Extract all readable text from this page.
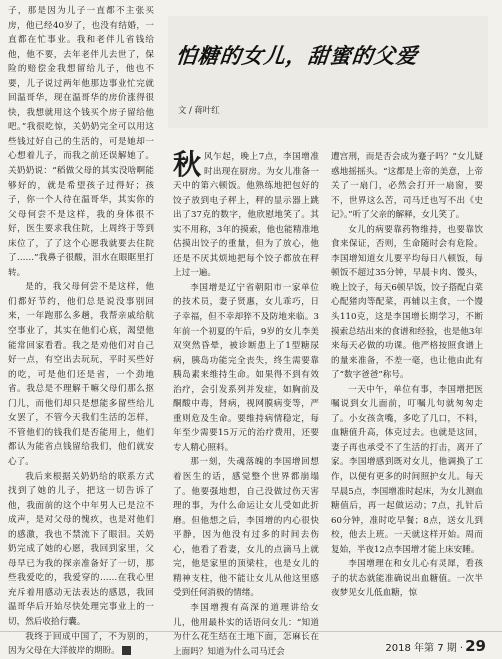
子，那是因为儿子一直都不主张买房，他已经40岁了，也没有结婚，一直都在忙事业。我和老伴儿省钱给他，他不要，去年老伴儿去世了，保险的赔偿金我想留给儿子，他也不要，儿子说过两年他那边事业忙完就回温哥华，现在温哥华的房价涨得很快，我想就用这个钱买个房子留给他吧。”我很吃惊，关奶奶完全可以用这些钱过好自己的生活的，可是她却一心想着儿子，而我之前还误解她了。关奶奶说：“稻做父母的其实没啥啊能够好的，就是希望孩子过得好；孩子，你一个人待在温哥华，其实你的父母何尝不是这样，我的身体很不好，医生要求我住院，上周终于等到床位了，了了这个心愿我就要去住院了……”我鼻子很酸，泪水在眼眶里打转。

是的，我父母何尝不是这样，他们都好节约，他们总是说没事别回来，一年跑那么多趟，我帮亲戚给航空事业了，其实在他们心底，渴望他能常回家看看。我之是劝他们对自己好一点，有空出去玩玩，平时买些好的吃，可是他们还是省，一个劲地省。我总是不理解千嘛父母们那么抠门儿，而他们却只是想能多留些给儿女罢了，不管今天我们生活的怎样，不管他们的钱我们是否能用上，他们都认为能省点钱留给我们，他们就安心了。

我后来根据关奶奶给的联系方式找到了她的儿子，把这一切告诉了他，我面前的这个中年男人已是泣不成声，是对父母的愧疚，也是对他们的感激，我也不禁流下了眼泪。关奶奶完成了她的心愿，我回到家里，父母早已为我的探亲准备好了一切，那些我爱吃的，我爱穿的……在我心里充斥着用感动无法表达的感恩，我回温哥华后开始尽快处理完事业上的一切，然后收拾行囊。

我终于回成中国了，不为别的，因为父母在大洋彼岸的期盼。	■

怕糖的女儿，甜蜜的父爱
文 / 蒋叶红

秋风乍起，晚上7点，李国增准时出现在厨房。为女儿准备一天中的第六顿饭。他熟练地把包好的饺子放到电子秤上，秤的显示器上跳出了37克的数字，他欣慰地笑了。其实不用称，3年的摸索，他也能精准地估摸出饺子的重量，但为了放心，他还是不厌其烦地把每个饺子都放在秤上过一遍。

李国增是辽宁省朝阳市一家单位的技术员，妻子贤惠，女儿乖巧，日子幸福，但不幸却猝不及防地来临。3年前一个初夏的午后，9岁的女儿李美双突然昏晕，被诊断患上了1型糖尿病，胰岛功能完全丧失，终生需要靠胰岛素来维持生命。如果得不到有效治疗，会引发系列并发症，如胸前及酮酸中毒，肾病，视网膜病变等，严重则危及生命。要维持病情稳定，每年至少需要15万元的治疗费用，还要专人精心照料。

那一刻，失魂落魄的李国增回想着医生的话，感觉整个世界都崩塌了。他要强地想，自己没做过伤天害理的事，为什么命运让女儿受如此折磨。但他想之后，李国增的内心很快平静，因为他没有过多的时间去伤心，他看了看妻，女儿的点滴马上就完，他是家里的顶梁柱，也是女儿的精神支柱，他不能让女儿从他这里感受到任何消极的情绪。

李国增搜有高深的道理讲给女儿，他用最朴实的话语问女儿：“知道为什么花生结在土地下面，怎麻长在上面吗？知道为什么司马迁会

遭宫刑，而是否会成为蹇子吗？”女儿疑惑地摇摇头。“这都是上帝的美意，上帝关了一扇门，必然会打开一扇窗，要不，世界这么苦，司马迁也写不出《史记》。”听了父亲的解释，女儿笑了。

女儿的病要靠药物维持，也要靠饮食来保证，否则，生命随时会有危险。李国增知道女儿要平均每日八顿饭，每顿饭不超过35分钟，早晨卡肉、馒头，晚上饺子，每天6顿早饭，饺子搭配白菜心配猪肉等配菜，再辅以主食，一个馒头110克，这是李国增长期学习，不断摸索总结出来的食谱和经验，也是他3年来每天必做的功课。他严格按照食谱上的量来准备，不差一毫，也让他由此有了“数字爸爸”称号。

一天中午，单位有事，李国增把医嘱说到女儿面前，叮嘱儿句就匆匆走了。小女孩贪嘴，多吃了几口，不料，血糖值升高，体克过去。也就是这回，妻子再也承受不了生活的打击，离开了家。李国增感到既对女儿，他调换了工作，以便有更多的时间照护女儿。每天早晨5点，李国增准时起床，为女儿测血糖值后，再一起做运动；7点，扎针后60分钟，准时吃早餐；8点，送女儿到校，他去上班。一天就这样开始。周而复始，半夜12点李国增才能上床安睡。

李国增理在和女儿心有灵犀，看孩子的状态就能准确说出血糖值。一次半夜梦见女儿低血糖，惊

2018 年第 7 期 · 29
